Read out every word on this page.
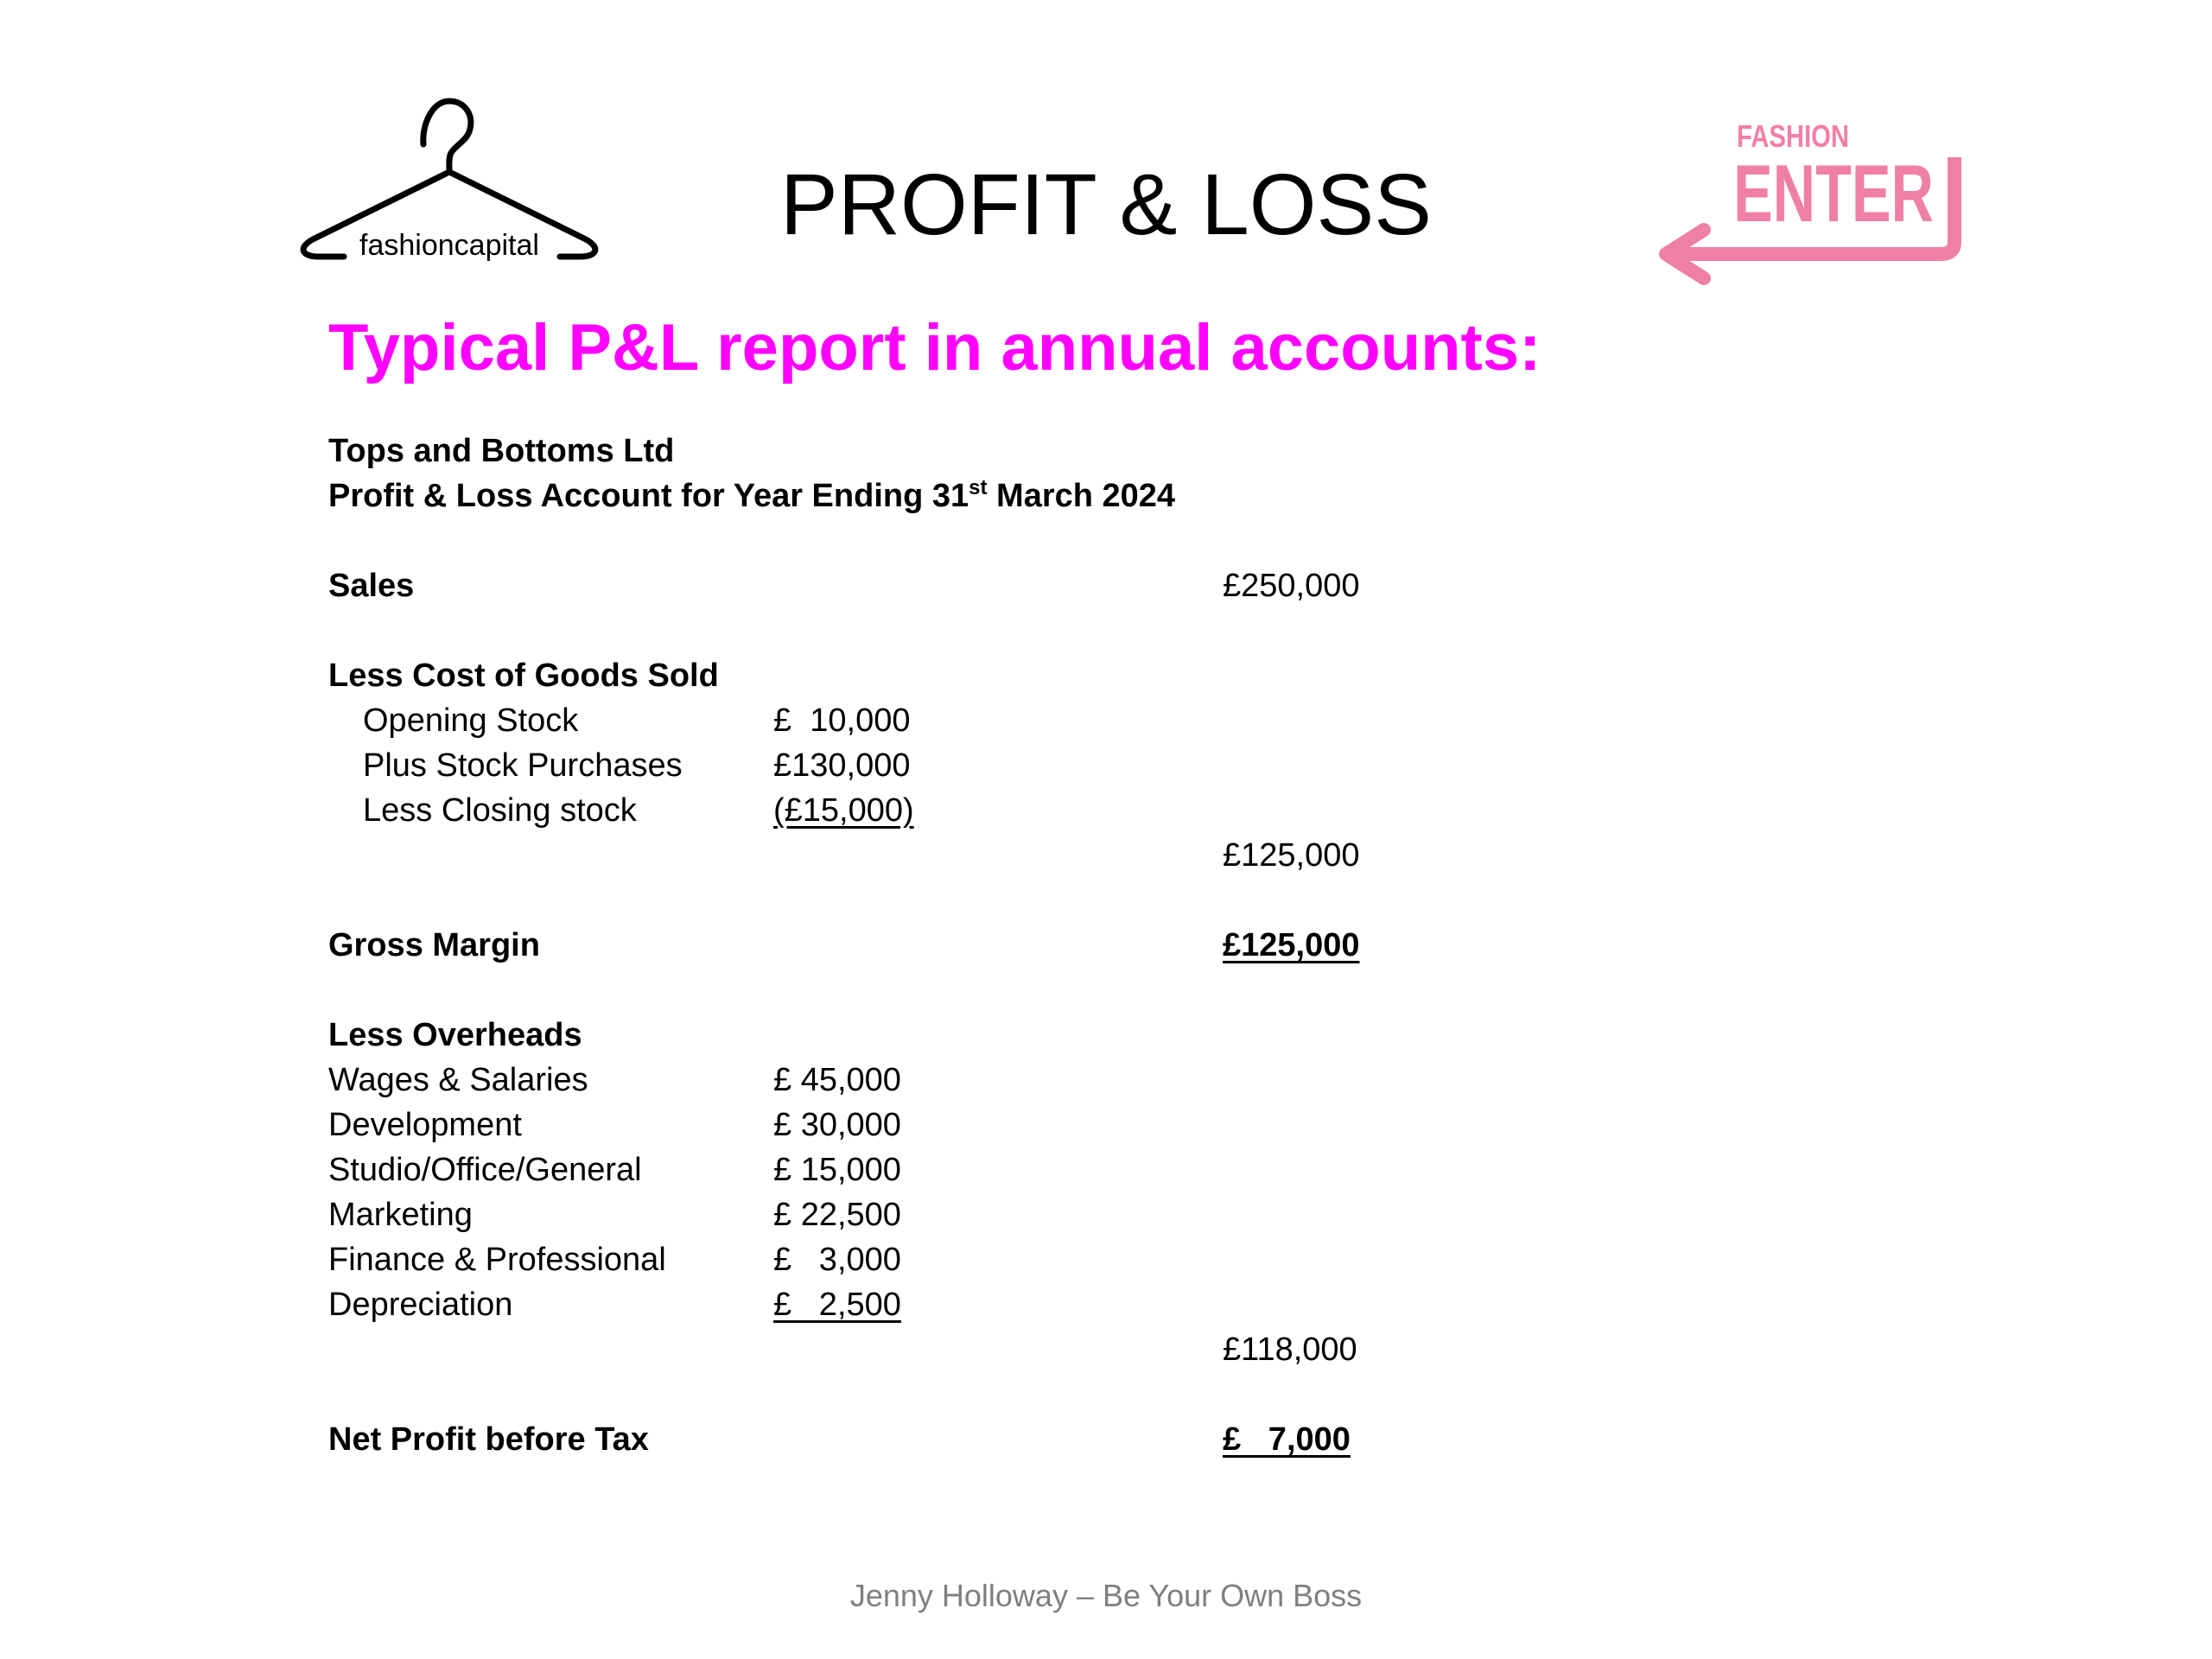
fashioncapital	PROFIT & LOSS
FASHION
ENTER
Typical P&L report in annual accounts:
Tops and Bottoms Ltd
Profit & Loss Account for Year Ending 31st March 2024
Sales	£250,000
Less Cost of Goods Sold
Opening Stock	£  10,000
Plus Stock Purchases	£130,000
Less Closing stock	(£15,000)
£125,000
Gross Margin	£125,000
Less Overheads
Wages & Salaries	£ 45,000
Development	£ 30,000
Studio/Office/General	£ 15,000
Marketing	£ 22,500
Finance & Professional	£   3,000
Depreciation	£   2,500
£118,000
Net Profit before Tax	£   7,000
Jenny Holloway – Be Your Own Boss
